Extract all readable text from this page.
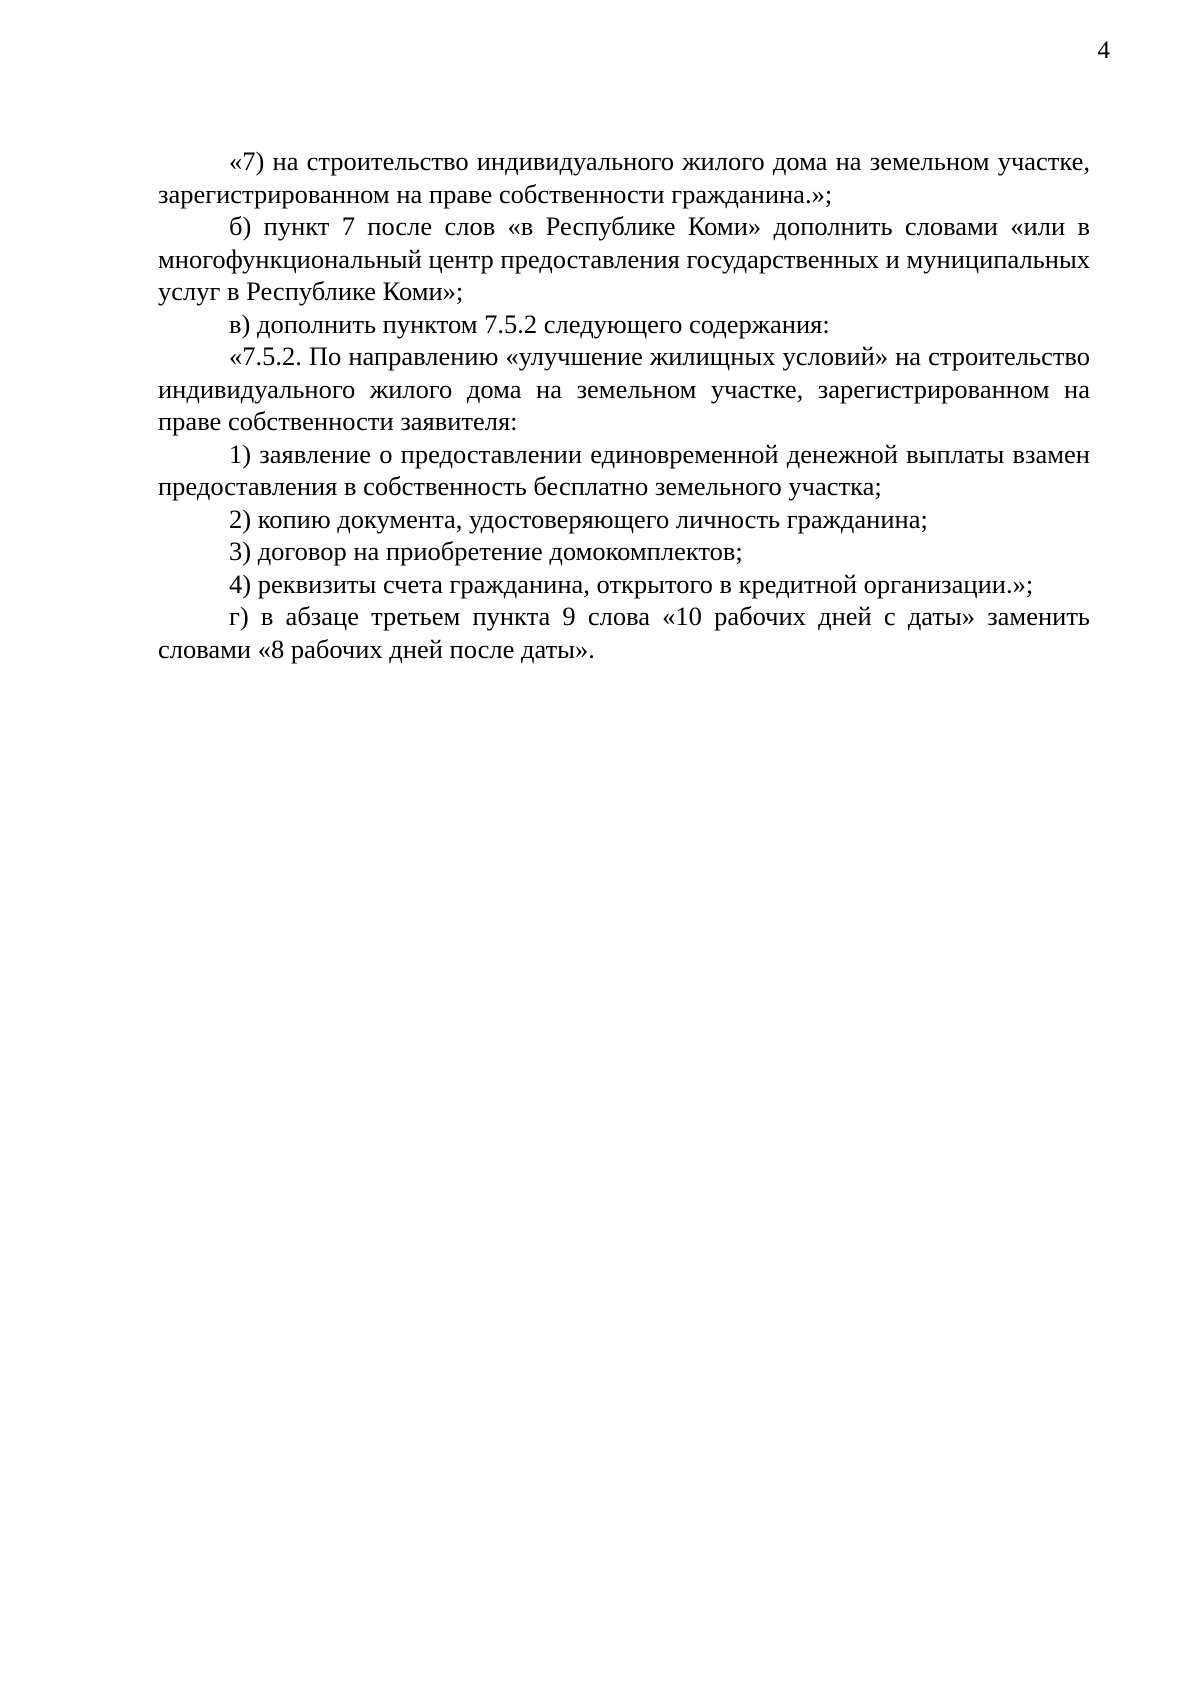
4

«7) на строительство индивидуального жилого дома на земельном участке, зарегистрированном на праве собственности гражданина.»;

б) пункт 7 после слов «в Республике Коми» дополнить словами «или в многофункциональный центр предоставления государственных и муниципальных услуг в Республике Коми»;

в) дополнить пунктом 7.5.2 следующего содержания:

«7.5.2. По направлению «улучшение жилищных условий» на строительство индивидуального жилого дома на земельном участке, зарегистрированном на праве собственности заявителя:

1) заявление о предоставлении единовременной денежной выплаты взамен предоставления в собственность бесплатно земельного участка;

2) копию документа, удостоверяющего личность гражданина;

3) договор на приобретение домокомплектов;

4) реквизиты счета гражданина, открытого в кредитной организации.»;

г) в абзаце третьем пункта 9 слова «10 рабочих дней с даты» заменить словами «8 рабочих дней после даты».
